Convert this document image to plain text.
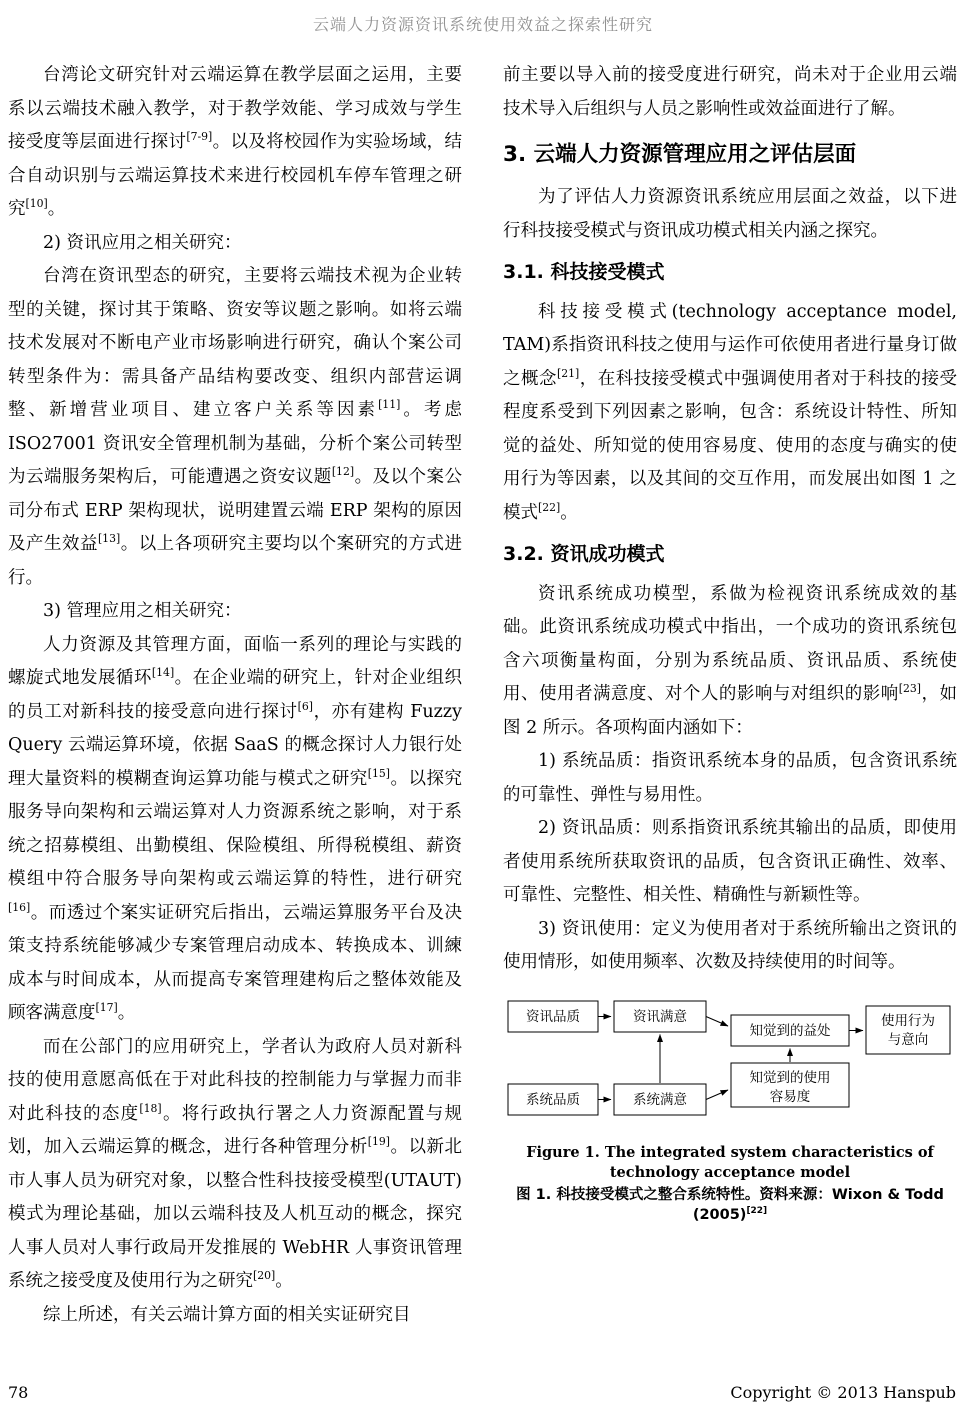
云端人力资源资讯系统使用效益之探索性研究
台湾论文研究针对云端运算在教学层面之运用，主要系以云端技术融入教学，对于教学效能、学习成效与学生接受度等层面进行探讨[7-9]。以及将校园作为实验场域，结合自动识别与云端运算技术来进行校园机车停车管理之研究[10]。
2) 资讯应用之相关研究：
台湾在资讯型态的研究，主要将云端技术视为企业转型的关键，探讨其于策略、资安等议题之影响。如将云端技术发展对不断电产业市场影响进行研究，确认个案公司转型条件为：需具备产品结构要改变、组织内部营运调整、新增营业项目、建立客户关系等因素[11]。考虑 ISO27001 资讯安全管理机制为基础，分析个案公司转型为云端服务架构后，可能遭遇之资安议题[12]。及以个案公司分布式 ERP 架构现状，说明建置云端 ERP 架构的原因及产生效益[13]。以上各项研究主要均以个案研究的方式进行。
3) 管理应用之相关研究：
人力资源及其管理方面，面临一系列的理论与实践的螺旋式地发展循环[14]。在企业端的研究上，针对企业组织的员工对新科技的接受意向进行探讨[6]，亦有建构 Fuzzy Query 云端运算环境，依据 SaaS 的概念探讨人力银行处理大量资料的模糊查询运算功能与模式之研究[15]。以探究服务导向架构和云端运算对人力资源系统之影响，对于系统之招募模组、出勤模组、保险模组、所得税模组、薪资模组中符合服务导向架构或云端运算的特性，进行研究[16]。而透过个案实证研究后指出，云端运算服务平台及决策支持系统能够减少专案管理启动成本、转换成本、训練成本与时间成本，从而提高专案管理建构后之整体效能及顾客满意度[17]。
而在公部门的应用研究上，学者认为政府人员对新科技的使用意愿高低在于对此科技的控制能力与掌握力而非对此科技的态度[18]。将行政执行署之人力资源配置与规划，加入云端运算的概念，进行各种管理分析[19]。以新北市人事人员为研究对象，以整合性科技接受模型(UTAUT)模式为理论基础，加以云端科技及人机互动的概念，探究人事人员对人事行政局开发推展的 WebHR 人事资讯管理系统之接受度及使用行为之研究[20]。
综上所述，有关云端计算方面的相关实证研究目
前主要以导入前的接受度进行研究，尚未对于企业用云端技术导入后组织与人员之影响性或效益面进行了解。
3. 云端人力资源管理应用之评估层面
为了评估人力资源资讯系统应用层面之效益，以下进行科技接受模式与资讯成功模式相关内涵之探究。
3.1. 科技接受模式
科技接受模式(technology acceptance model, TAM)系指资讯科技之使用与运作可依使用者进行量身订做之概念[21]，在科技接受模式中强调使用者对于科技的接受程度系受到下列因素之影响，包含：系统设计特性、所知觉的益处、所知觉的使用容易度、使用的态度与确实的使用行为等因素，以及其间的交互作用，而发展出如图 1 之模式[22]。
3.2. 资讯成功模式
资讯系统成功模型，系做为检视资讯系统成效的基础。此资讯系统成功模式中指出，一个成功的资讯系统包含六项衡量构面，分别为系统品质、资讯品质、系统使用、使用者满意度、对个人的影响与对组织的影响[23]，如图 2 所示。各项构面内涵如下：
1) 系统品质：指资讯系统本身的品质，包含资讯系统的可靠性、弹性与易用性。
2) 资讯品质：则系指资讯系统其输出的品质，即使用者使用系统所获取资讯的品质，包含资讯正确性、效率、可靠性、完整性、相关性、精确性与新颖性等。
3) 资讯使用：定义为使用者对于系统所输出之资讯的使用情形，如使用频率、次数及持续使用的时间等。
资讯品质	资讯满意
知觉到的益处
使用行为
与意向
系统品质	系统满意
知觉到的使用
容易度
Figure 1. The integrated system characteristics of technology acceptance model
图 1. 科技接受模式之整合系统特性。资料来源：Wixon & Todd (2005)[22]
78	Copyright © 2013 Hanspub
